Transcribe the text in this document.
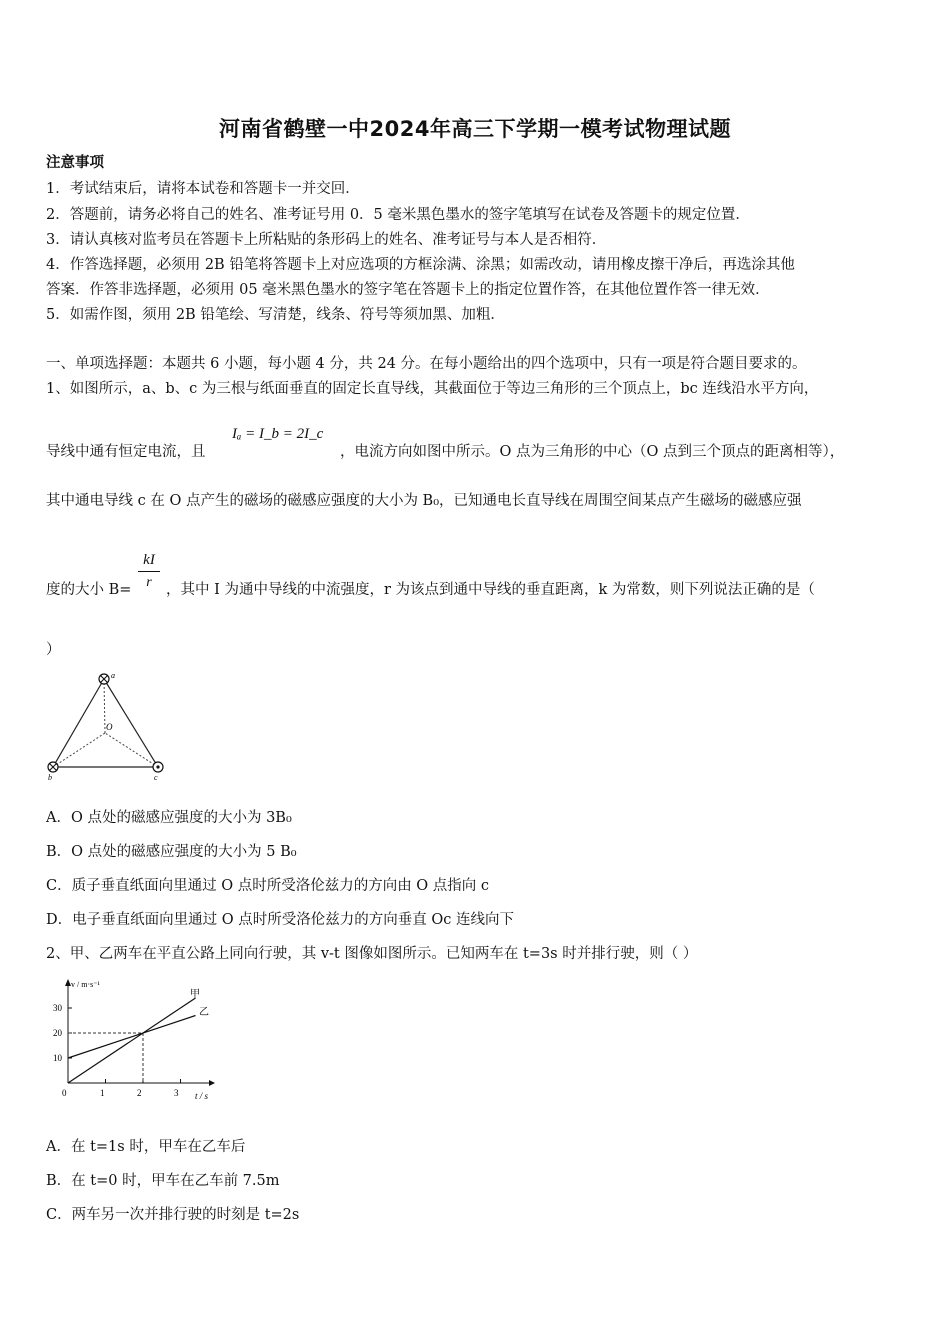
河南省鹤壁一中2024年高三下学期一模考试物理试题
注意事项
1．考试结束后，请将本试卷和答题卡一并交回．
2．答题前，请务必将自己的姓名、准考证号用 0．5 毫米黑色墨水的签字笔填写在试卷及答题卡的规定位置．
3．请认真核对监考员在答题卡上所粘贴的条形码上的姓名、准考证号与本人是否相符．
4．作答选择题，必须用 2B 铅笔将答题卡上对应选项的方框涂满、涂黑；如需改动，请用橡皮擦干净后，再选涂其他
答案．作答非选择题，必须用 05 毫米黑色墨水的签字笔在答题卡上的指定位置作答，在其他位置作答一律无效．
5．如需作图，须用 2B 铅笔绘、写清楚，线条、符号等须加黑、加粗．
一、单项选择题：本题共 6 小题，每小题 4 分，共 24 分。在每小题给出的四个选项中，只有一项是符合题目要求的。
1、如图所示，a、b、c 为三根与纸面垂直的固定长直导线，其截面位于等边三角形的三个顶点上，bc 连线沿水平方向，
导线中通有恒定电流，且
Iₐ = I_b = 2I_c
，电流方向如图中所示。O 点为三角形的中心（O 点到三个顶点的距离相等），
其中通电导线 c 在 O 点产生的磁场的磁感应强度的大小为 B₀，已知通电长直导线在周围空间某点产生磁场的磁感应强
度的大小 B=
kI
r ，其中 I 为通中导线的中流强度，r 为该点到通中导线的垂直距离，k 为常数，则下列说法正确的是（
）
a
b	c
O
A．O 点处的磁感应强度的大小为 3B₀
B．O 点处的磁感应强度的大小为 5 B₀
C．质子垂直纸面向里通过 O 点时所受洛伦兹力的方向由 O 点指向 c
D．电子垂直纸面向里通过 O 点时所受洛伦兹力的方向垂直 Oc 连线向下
2、甲、乙两车在平直公路上同向行驶，其 v-t 图像如图所示。已知两车在 t=3s 时并排行驶，则（ ）
v / m·s⁻¹
t / s
0	1	2	3
10
20
30
甲
乙
A．在 t=1s 时，甲车在乙车后
B．在 t=0 时，甲车在乙车前 7.5m
C．两车另一次并排行驶的时刻是 t=2s
